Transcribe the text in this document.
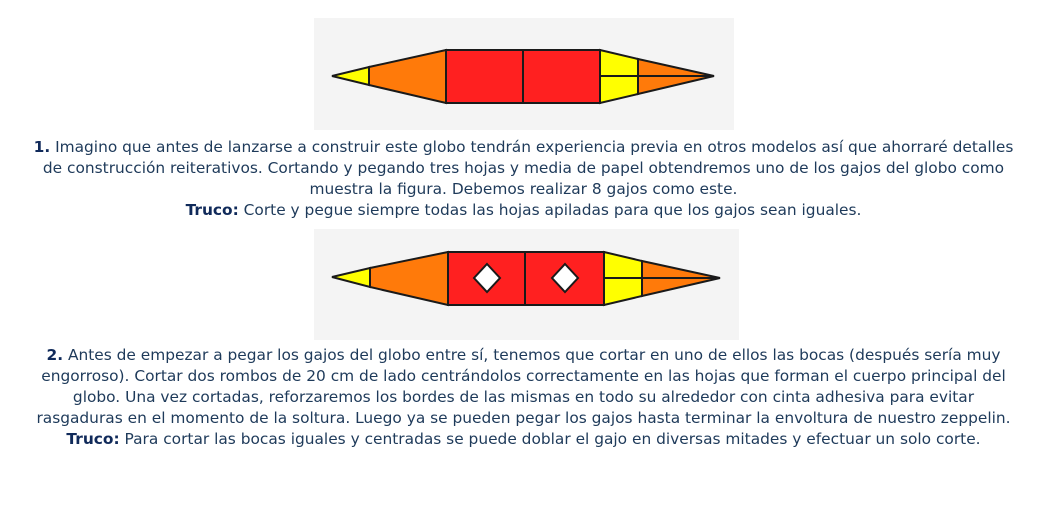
1. Imagino que antes de lanzarse a construir este globo tendrán experiencia previa en otros modelos así que ahorraré detalles de construcción reiterativos. Cortando y pegando tres hojas y media de papel obtendremos uno de los gajos del globo como muestra la figura. Debemos realizar 8 gajos como este.
Truco: Corte y pegue siempre todas las hojas apiladas para que los gajos sean iguales.
2. Antes de empezar a pegar los gajos del globo entre sí, tenemos que cortar en uno de ellos las bocas (después sería muy engorroso). Cortar dos rombos de 20 cm de lado centrándolos correctamente en las hojas que forman el cuerpo principal del globo. Una vez cortadas, reforzaremos los bordes de las mismas en todo su alrededor con cinta adhesiva para evitar rasgaduras en el momento de la soltura. Luego ya se pueden pegar los gajos hasta terminar la envoltura de nuestro zeppelin.
Truco: Para cortar las bocas iguales y centradas se puede doblar el gajo en diversas mitades y efectuar un solo corte.
